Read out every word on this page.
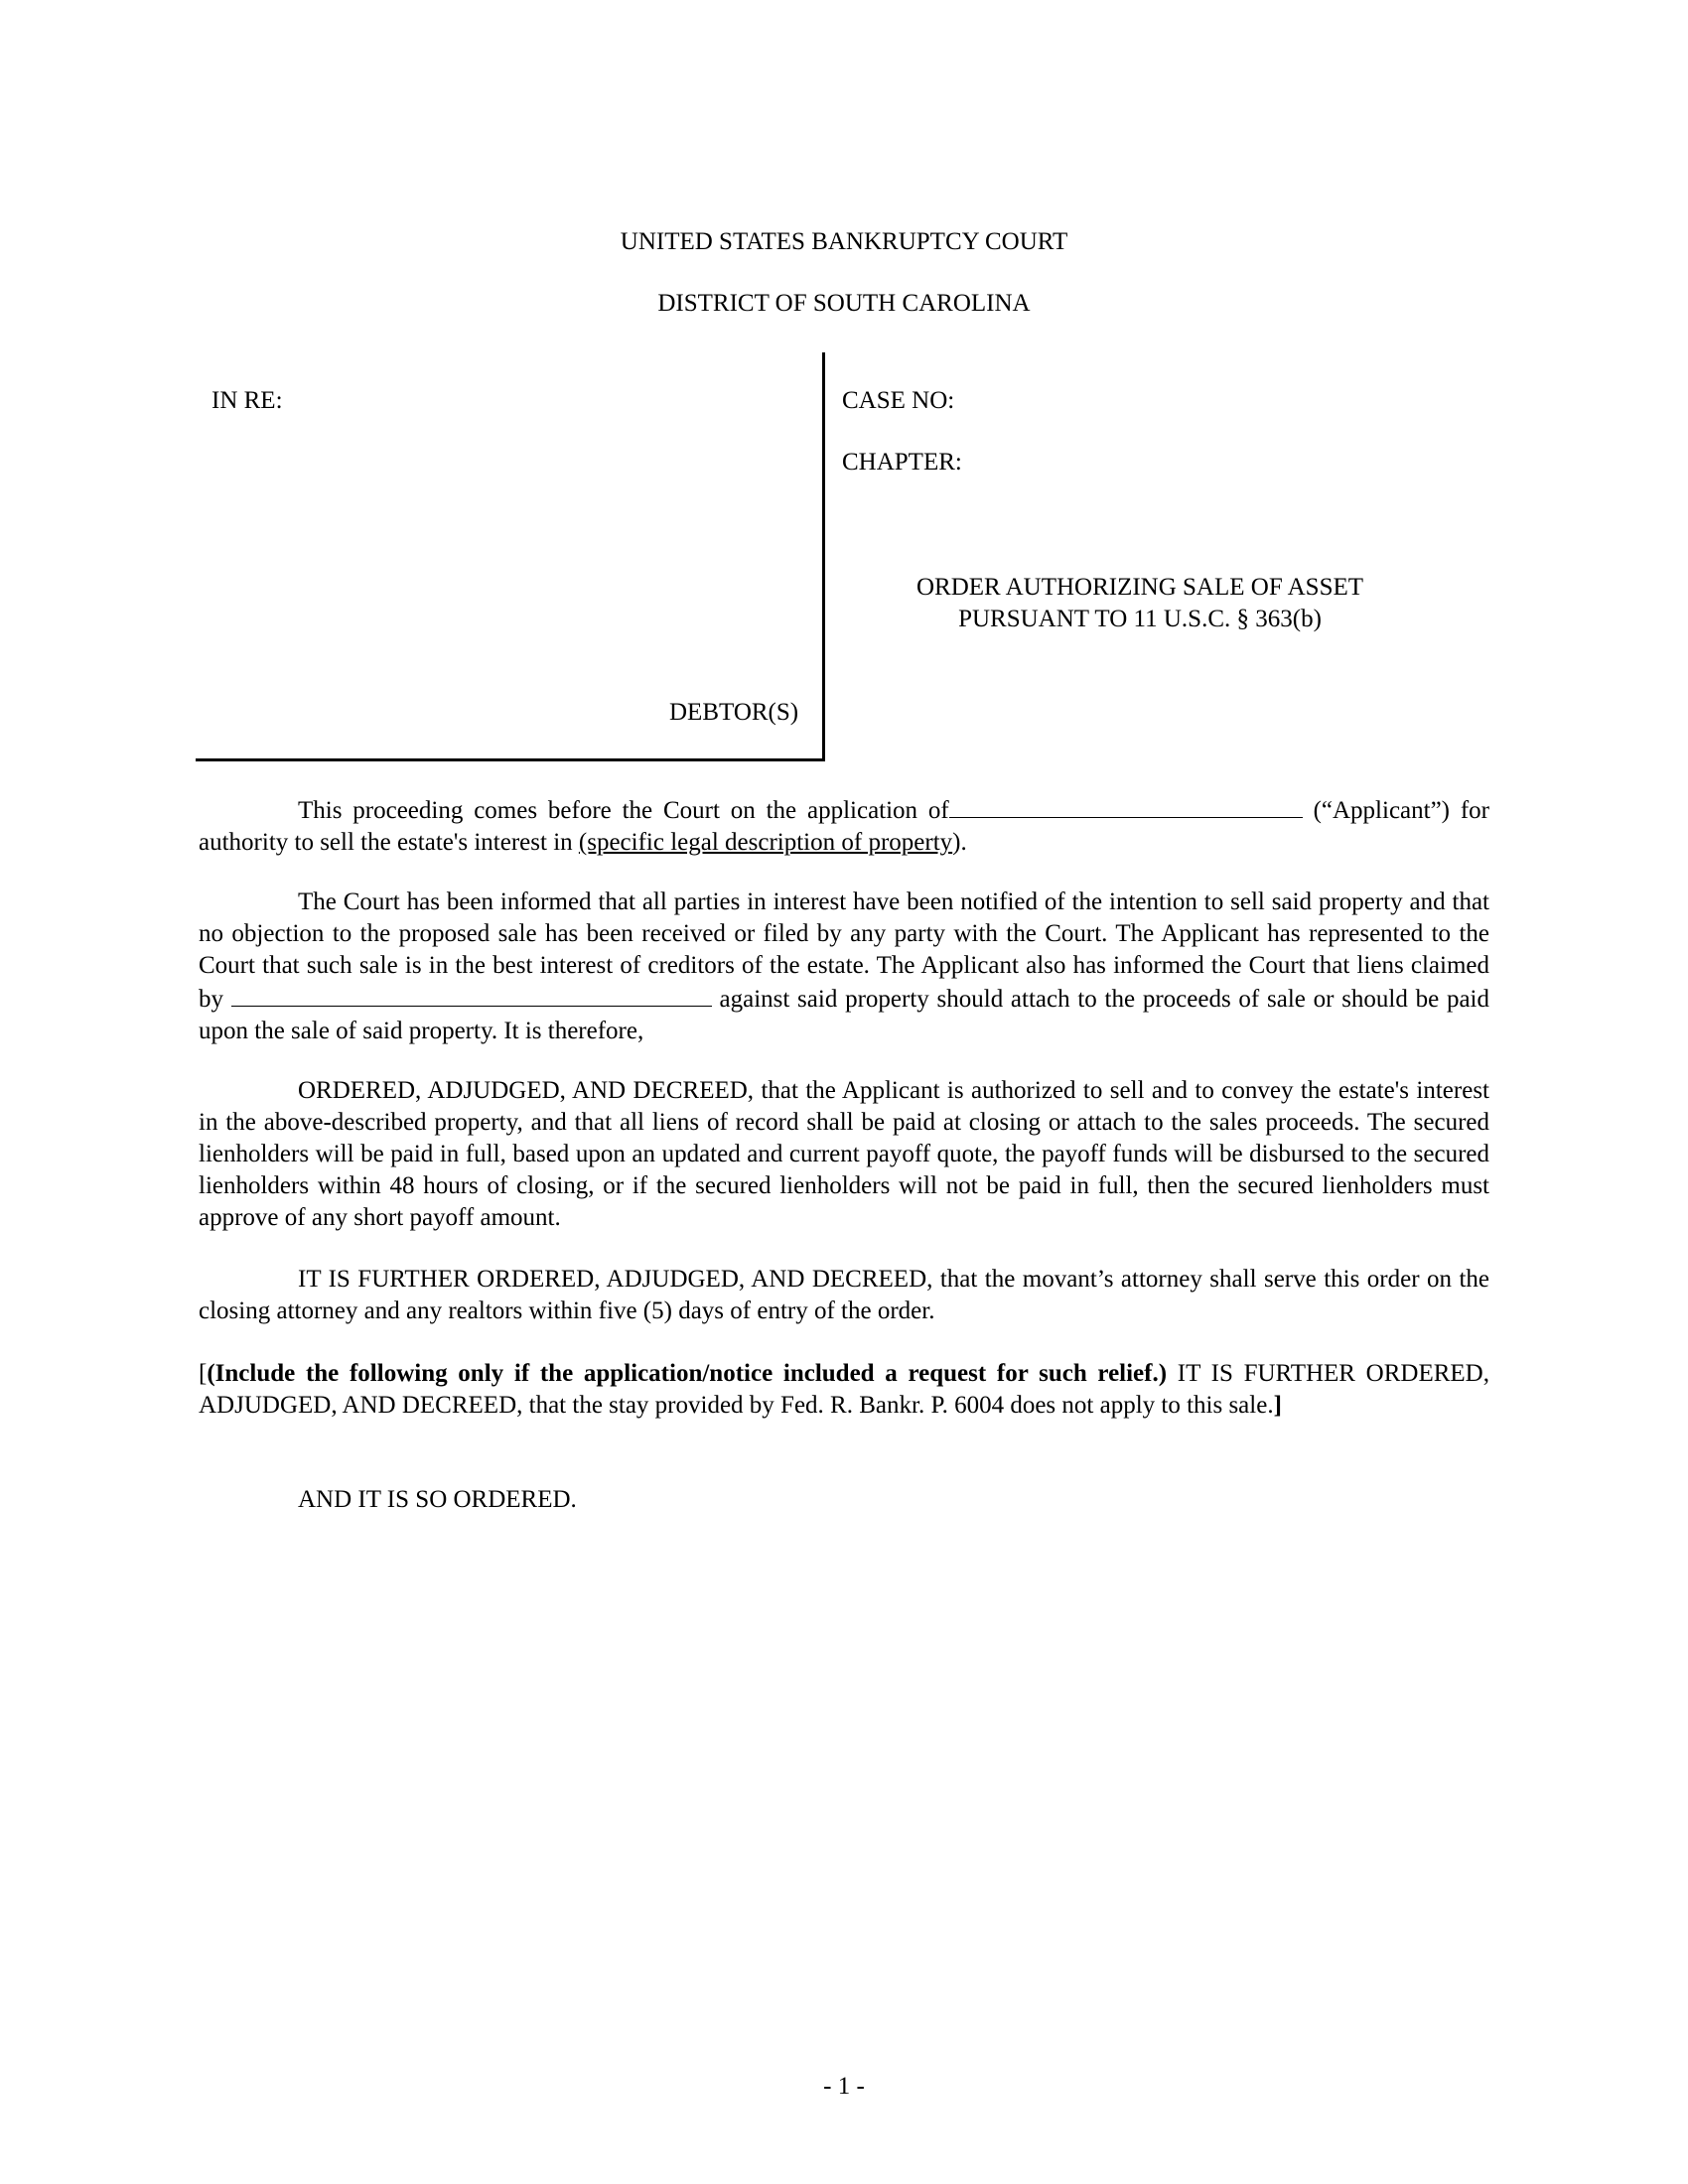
UNITED STATES BANKRUPTCY COURT
DISTRICT OF SOUTH CAROLINA
IN RE:	CASE NO:
CHAPTER:
ORDER AUTHORIZING SALE OF ASSET
PURSUANT TO 11 U.S.C. § 363(b)
DEBTOR(S)
This proceeding comes before the Court on the application of	(“Applicant”) for authority to sell the estate's interest in (specific legal description of property).
The Court has been informed that all parties in interest have been notified of the intention to sell said property and that no objection to the proposed sale has been received or filed by any party with the Court. The Applicant has represented to the Court that such sale is in the best interest of creditors of the estate. The Applicant also has informed the Court that liens claimed by	against said property should attach to the proceeds of sale or should be paid upon the sale of said property. It is therefore,
ORDERED, ADJUDGED, AND DECREED, that the Applicant is authorized to sell and to convey the estate's interest in the above-described property, and that all liens of record shall be paid at closing or attach to the sales proceeds. The secured lienholders will be paid in full, based upon an updated and current payoff quote, the payoff funds will be disbursed to the secured lienholders within 48 hours of closing, or if the secured lienholders will not be paid in full, then the secured lienholders must approve of any short payoff amount.
IT IS FURTHER ORDERED, ADJUDGED, AND DECREED, that the movant’s attorney shall serve this order on the closing attorney and any realtors within five (5) days of entry of the order.
[(Include the following only if the application/notice included a request for such relief.) IT IS FURTHER ORDERED, ADJUDGED, AND DECREED, that the stay provided by Fed. R. Bankr. P. 6004 does not apply to this sale.]
AND IT IS SO ORDERED.
- 1 -
